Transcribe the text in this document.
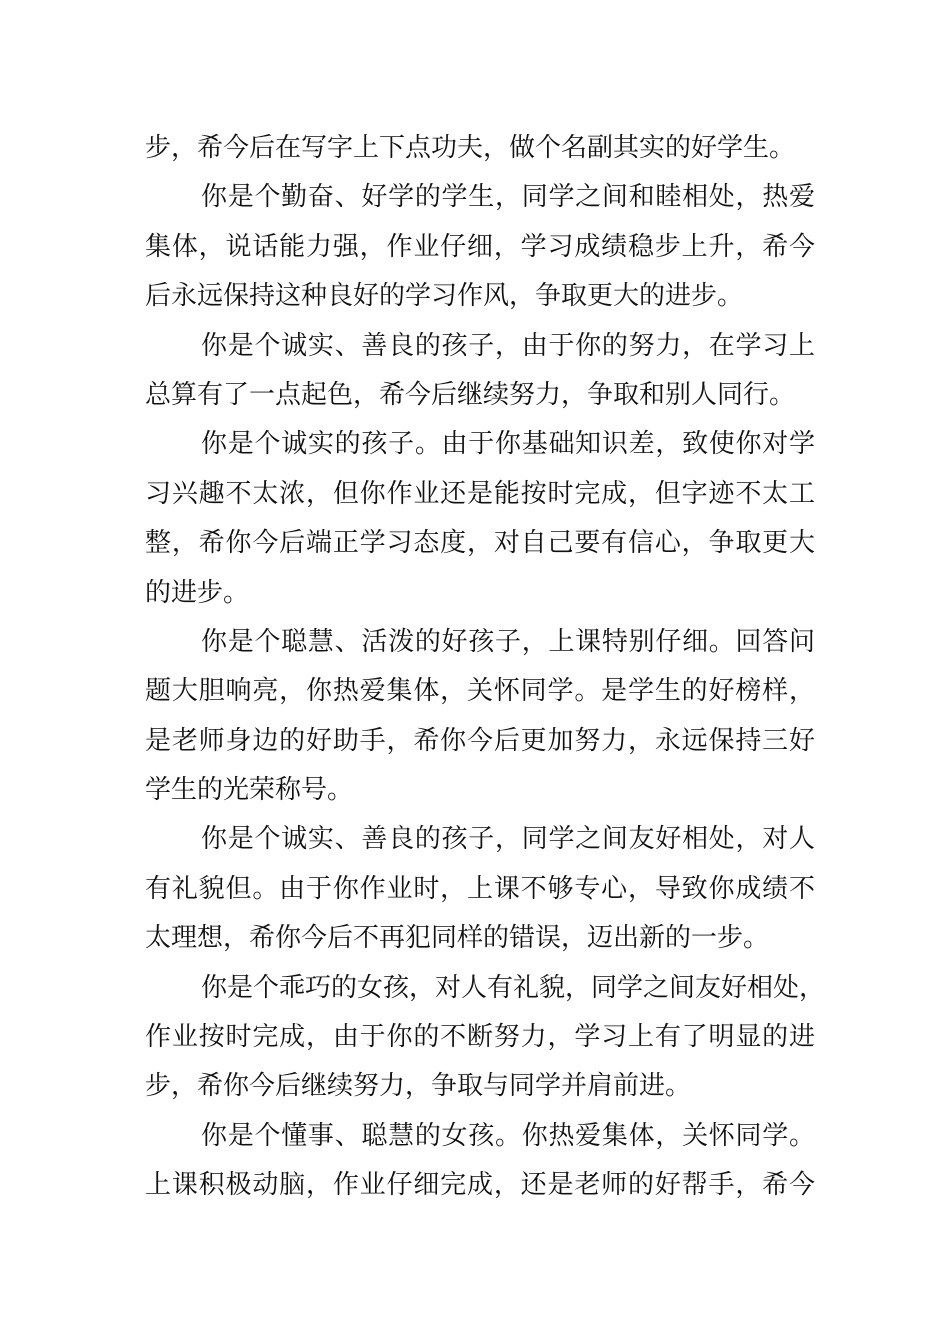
步，希今后在写字上下点功夫，做个名副其实的好学生。
你是个勤奋、好学的学生，同学之间和睦相处，热爱
集体，说话能力强，作业仔细，学习成绩稳步上升，希今
后永远保持这种良好的学习作风，争取更大的进步。
你是个诚实、善良的孩子，由于你的努力，在学习上
总算有了一点起色，希今后继续努力，争取和别人同行。
你是个诚实的孩子。由于你基础知识差，致使你对学
习兴趣不太浓，但你作业还是能按时完成，但字迹不太工
整，希你今后端正学习态度，对自己要有信心，争取更大
的进步。
你是个聪慧、活泼的好孩子，上课特别仔细。回答问
题大胆响亮，你热爱集体，关怀同学。是学生的好榜样，
是老师身边的好助手，希你今后更加努力，永远保持三好
学生的光荣称号。
你是个诚实、善良的孩子，同学之间友好相处，对人
有礼貌但。由于你作业时，上课不够专心，导致你成绩不
太理想，希你今后不再犯同样的错误，迈出新的一步。
你是个乖巧的女孩，对人有礼貌，同学之间友好相处，
作业按时完成，由于你的不断努力，学习上有了明显的进
步，希你今后继续努力，争取与同学并肩前进。
你是个懂事、聪慧的女孩。你热爱集体，关怀同学。
上课积极动脑，作业仔细完成，还是老师的好帮手，希今
